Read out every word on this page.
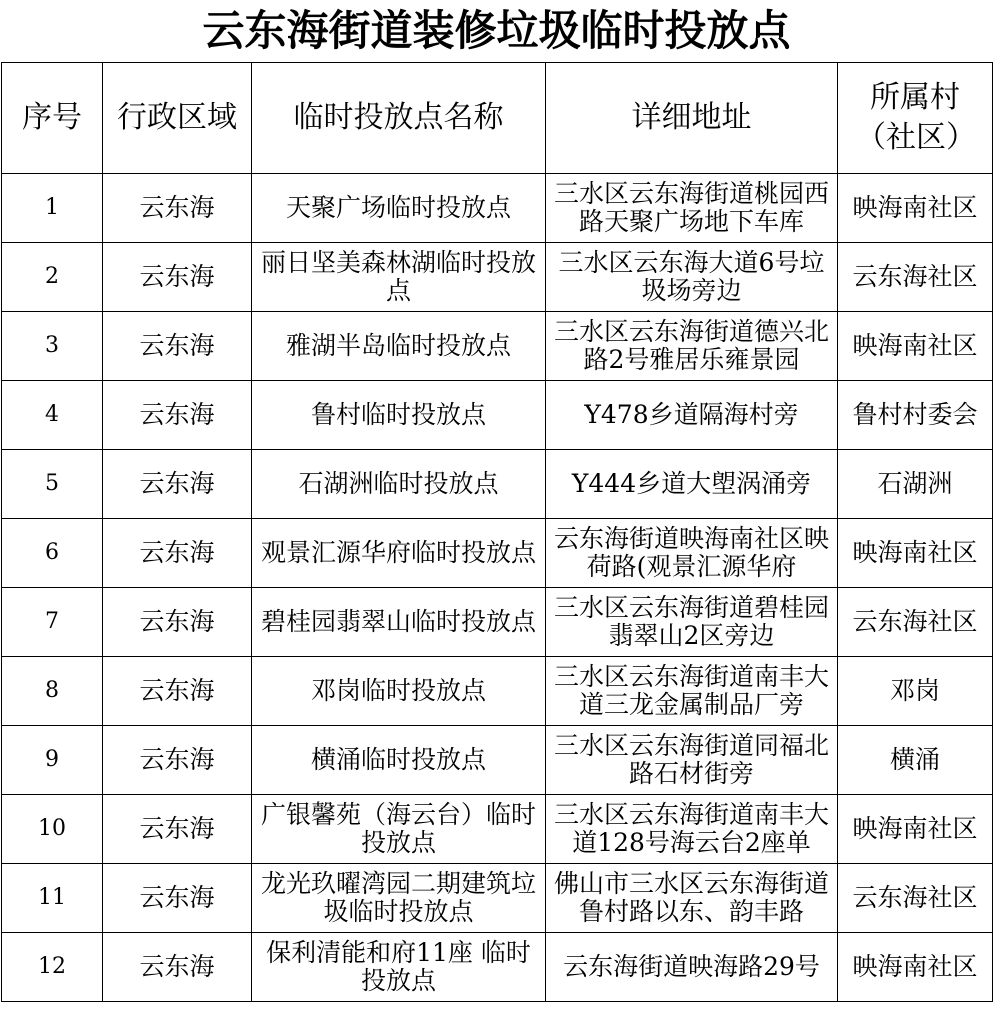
云东海街道装修垃圾临时投放点
序号	行政区域	临时投放点名称	详细地址	所属村（社区）

1	云东海	天聚广场临时投放点	三水区云东海街道桃园西路天聚广场地下车库	映海南社区

2	云东海	丽日坚美森林湖临时投放点	三水区云东海大道6号垃圾场旁边	云东海社区

3	云东海	雅湖半岛临时投放点	三水区云东海街道德兴北路2号雅居乐雍景园	映海南社区

4	云东海	鲁村临时投放点	Y478乡道隔海村旁	鲁村村委会

5	云东海	石湖洲临时投放点	Y444乡道大塱涡涌旁	石湖洲

6	云东海	观景汇源华府临时投放点	云东海街道映海南社区映荷路(观景汇源华府	映海南社区

7	云东海	碧桂园翡翠山临时投放点	三水区云东海街道碧桂园翡翠山2区旁边	云东海社区

8	云东海	邓岗临时投放点	三水区云东海街道南丰大道三龙金属制品厂旁	邓岗

9	云东海	横涌临时投放点	三水区云东海街道同福北路石材街旁	横涌

10	云东海	广银馨苑（海云台）临时投放点	三水区云东海街道南丰大道128号海云台2座单	映海南社区

11	云东海	龙光玖曜湾园二期建筑垃圾临时投放点	佛山市三水区云东海街道鲁村路以东、韵丰路	云东海社区

12	云东海	保利清能和府11座 临时投放点	云东海街道映海路29号	映海南社区
